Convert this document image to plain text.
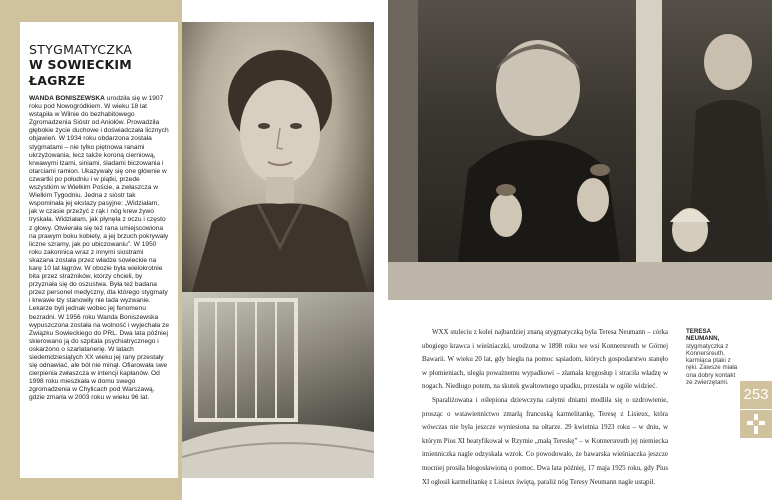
STYGMATYCZKA
W SOWIECKIM ŁAGRZE
WANDA BONISZEWSKA urodziła się w 1907 roku pod Nowogródkiem. W wieku 18 lat wstąpiła w Wilnie do bezhabitowego Zgromadzenia Sióstr od Aniołów. Prowadziła głębokie życie duchowe i doświadczała licznych objawień. W 1934 roku obdarzona została stygmatami – nie tylko piętnowa ranami ukrzyżowania, lecz także koroną cierniową, krwawymi łzami, siniami, śladami biczowania i otarciami ramion. Ukazywały się one głównie w czwartki po południu i w piątki, przede wszystkim w Wielkim Poście, a zwłaszcza w Wielkim Tygodniu. Jedna z sióstr tak wspominała jej ekstazy pasyjne: „Widziałam, jak w czasie przeżyć z rąk i nóg krew żywo tryskała. Widziałam, jak płynęła z oczu i często z głowy. Otwierała się też rana umiejscowiona na prawym boku kobiety, a jej brzuch pokrywały liczne szramy, jak po ubiczowaniu”. W 1950 roku zakonnica wraz z innymi siostrami skazana została przez władze sowieckie na karę 10 lat łagrów. W obozie była wielokrotnie bita przez strażników, którzy chcieli, by przyznała się do oszustwa. Była też badana przez personel medyczny, dla którego stygmaty i krwawe łzy stanowiły nie lada wyzwanie. Lekarze byli jednak wobec jej fenomenu bezradni. W 1956 roku Wanda Boniszewska wypuszczona została na wolność i wyjechała ze Związku Sowieckiego do PRL. Dwa lata później skierowano ją do szpitala psychiatrycznego i oskarżono o szarlatanerię. W latach siedemdziesiątych XX wieku jej rany przestały się odnawiać, ale ból nie minął. Ofiarowała swe cierpienia zwłaszcza w intencji kapłanów. Od 1998 roku mieszkała w domu swego zgromadzenia w Chylicach pod Warszawą, gdzie zmarła w 2003 roku w wieku 96 lat.

WXX stuleciu z kolei najbardziej znaną stygmatyczką była Teresa Neumann – córka ubogiego krawca i wieśniaczki, urodzona w 1898 roku we wsi Konnersreuth w Górnej Bawarii. W wieku 20 lat, gdy biegła na pomoc sąsiadom, których gospodarstwo stanęło w płomieniach, uległa poważnemu wypadkowi – złamała kręgosłup i straciła władzę w nogach. Niedługo potem, na skutek gwałtownego upadku, przestała w ogóle widzieć.

Sparaliżowana i oślepiona dziewczyna całymi dniami modliła się o uzdrowienie, prosząc o wstawiennictwo zmarłą francuską karmelitankę, Teresę z Lisieux, która wówczas nie była jeszcze wyniesiona na ołtarze. 29 kwietnia 1923 roku – w dniu, w którym Pius XI beatyfikował w Rzymie „małą Tereskę” – w Konnersreuth jej niemiecka imienniczka nagle odzyskała wzrok. Co powodowało, że bawarska wieśniaczka jeszcze mocniej prosiła błogosławioną o pomoc. Dwa lata później, 17 maja 1925 roku, gdy Pius XI ogłosił karmelitankę z Lisieux świętą, paraliż nóg Teresy Neumann nagle ustąpił.

TERESA NEUMANN,
stygmatyczka z Konnersreuth, karmiąca ptaki z ręki. Zawsze miała ona dobry kontakt ze zwierzętami.
253
